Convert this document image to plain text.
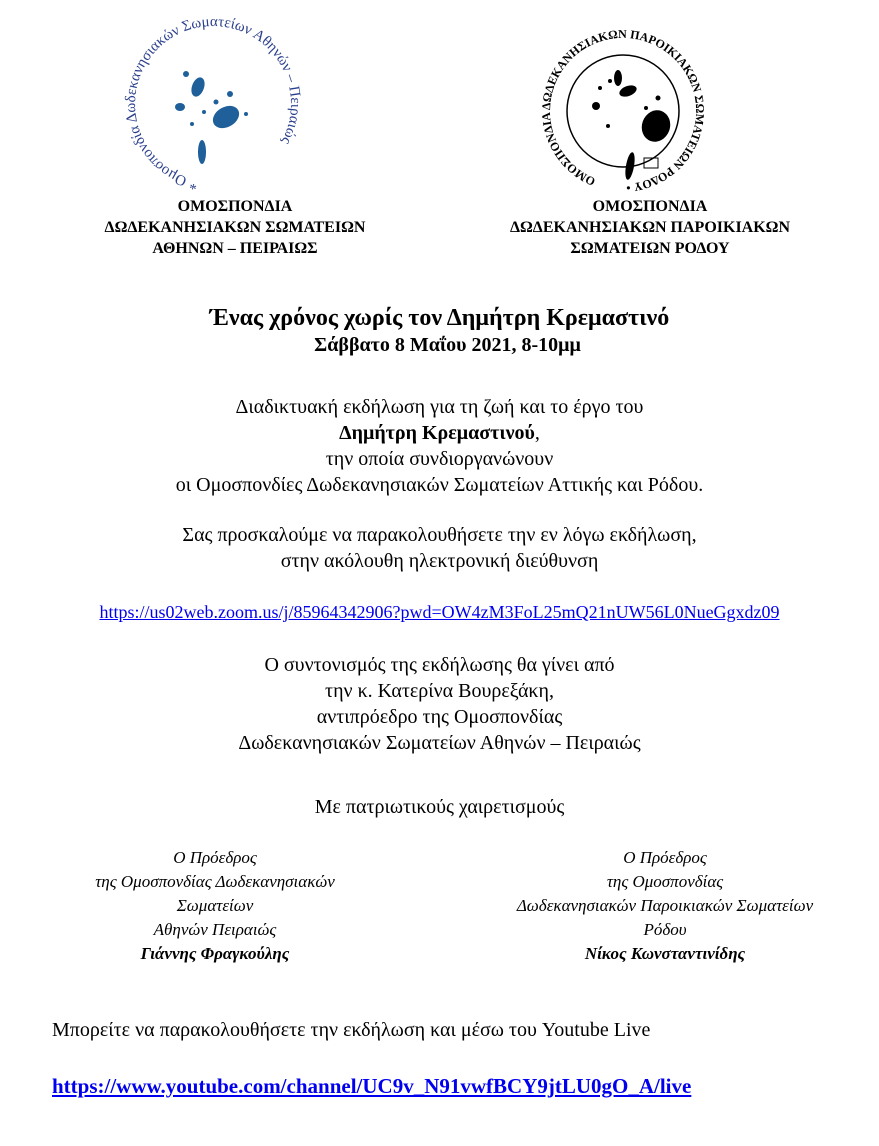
* Ομοσπονδία Δωδεκανησιακών Σωματείων Αθηνών – Πειραιώς
ΟΜΟΣΠΟΝΔΙΑ ΔΩΔΕΚΑΝΗΣΙΑΚΩΝ ΠΑΡΟΙΚΙΑΚΩΝ ΣΩΜΑΤΕΙΩΝ ΡΟΔΟΥ •
ΟΜΟΣΠΟΝΔΙΑ
ΔΩΔΕΚΑΝΗΣΙΑΚΩΝ ΣΩΜΑΤΕΙΩΝ
ΑΘΗΝΩΝ – ΠΕΙΡΑΙΩΣ
ΟΜΟΣΠΟΝΔΙΑ
ΔΩΔΕΚΑΝΗΣΙΑΚΩΝ ΠΑΡΟΙΚΙΑΚΩΝ
ΣΩΜΑΤΕΙΩΝ ΡΟΔΟΥ
Ένας χρόνος χωρίς τον Δημήτρη Κρεμαστινό
Σάββατο 8 Μαΐου 2021, 8-10μμ
Διαδικτυακή εκδήλωση για τη ζωή και το έργο του
Δημήτρη Κρεμαστινού,
την οποία συνδιοργανώνουν
οι Ομοσπονδίες Δωδεκανησιακών Σωματείων Αττικής και Ρόδου.
Σας προσκαλούμε να παρακολουθήσετε την εν λόγω εκδήλωση,
στην ακόλουθη ηλεκτρονική διεύθυνση
https://us02web.zoom.us/j/85964342906?pwd=OW4zM3FoL25mQ21nUW56L0NueGgxdz09
Ο συντονισμός της εκδήλωσης θα γίνει από
την κ. Κατερίνα Βουρεξάκη,
αντιπρόεδρο της Ομοσπονδίας
Δωδεκανησιακών Σωματείων Αθηνών – Πειραιώς
Με πατριωτικούς χαιρετισμούς
Ο Πρόεδρος
της Ομοσπονδίας Δωδεκανησιακών
Σωματείων
Αθηνών Πειραιώς
Γιάννης Φραγκούλης
Ο Πρόεδρος
της Ομοσπονδίας
Δωδεκανησιακών Παροικιακών Σωματείων
Ρόδου
Νίκος Κωνσταντινίδης
Μπορείτε να παρακολουθήσετε την εκδήλωση και μέσω του Youtube Live
https://www.youtube.com/channel/UC9v_N91vwfBCY9jtLU0gO_A/live
